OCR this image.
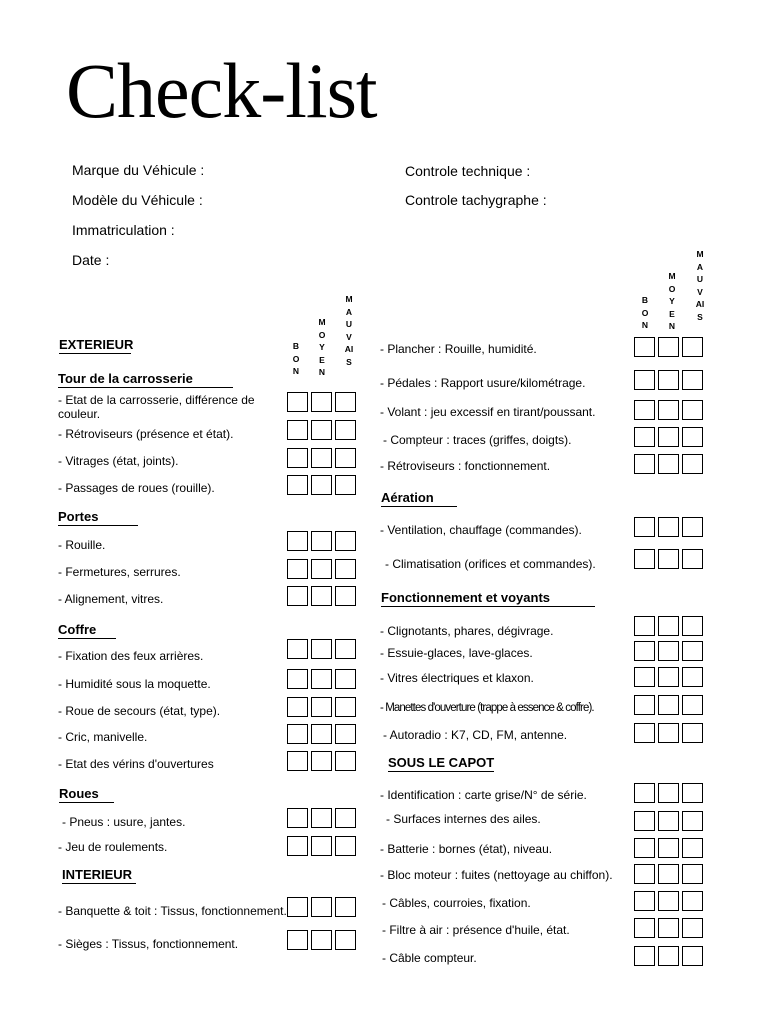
Check-list
Marque du Véhicule :
Modèle du Véhicule :
Immatriculation :
Date :
Controle technique :
Controle tachygraphe :
BON
MOYEN
MAUVAIS
BON
MOYEN
MAUVAIS
EXTERIEUR
Tour de la carrosserie
- Etat de la carrosserie, différence de couleur.
- Rétroviseurs (présence et état).
- Vitrages (état, joints).
- Passages de roues (rouille).
Portes
- Rouille.
- Fermetures, serrures.
- Alignement, vitres.
Coffre
- Fixation des feux arrières.
- Humidité sous la moquette.
- Roue de secours (état, type).
- Cric, manivelle.
- Etat des vérins d'ouvertures
Roues
- Pneus : usure, jantes.
- Jeu de roulements.
INTERIEUR
- Banquette & toit : Tissus, fonctionnement.
- Sièges : Tissus, fonctionnement.
- Plancher : Rouille, humidité.
- Pédales : Rapport usure/kilométrage.
- Volant : jeu excessif en tirant/poussant.
- Compteur : traces (griffes, doigts).
- Rétroviseurs : fonctionnement.
Aération
- Ventilation, chauffage (commandes).
- Climatisation (orifices et commandes).
Fonctionnement et voyants
- Clignotants, phares, dégivrage.
- Essuie-glaces, lave-glaces.
- Vitres électriques et klaxon.
- Manettes d'ouverture (trappe à essence & coffre).
- Autoradio : K7, CD, FM, antenne.
SOUS LE CAPOT
- Identification : carte grise/N° de série.
- Surfaces internes des ailes.
- Batterie : bornes (état), niveau.
- Bloc moteur : fuites (nettoyage au chiffon).
- Câbles, courroies, fixation.
- Filtre à air : présence d'huile, état.
- Câble compteur.
